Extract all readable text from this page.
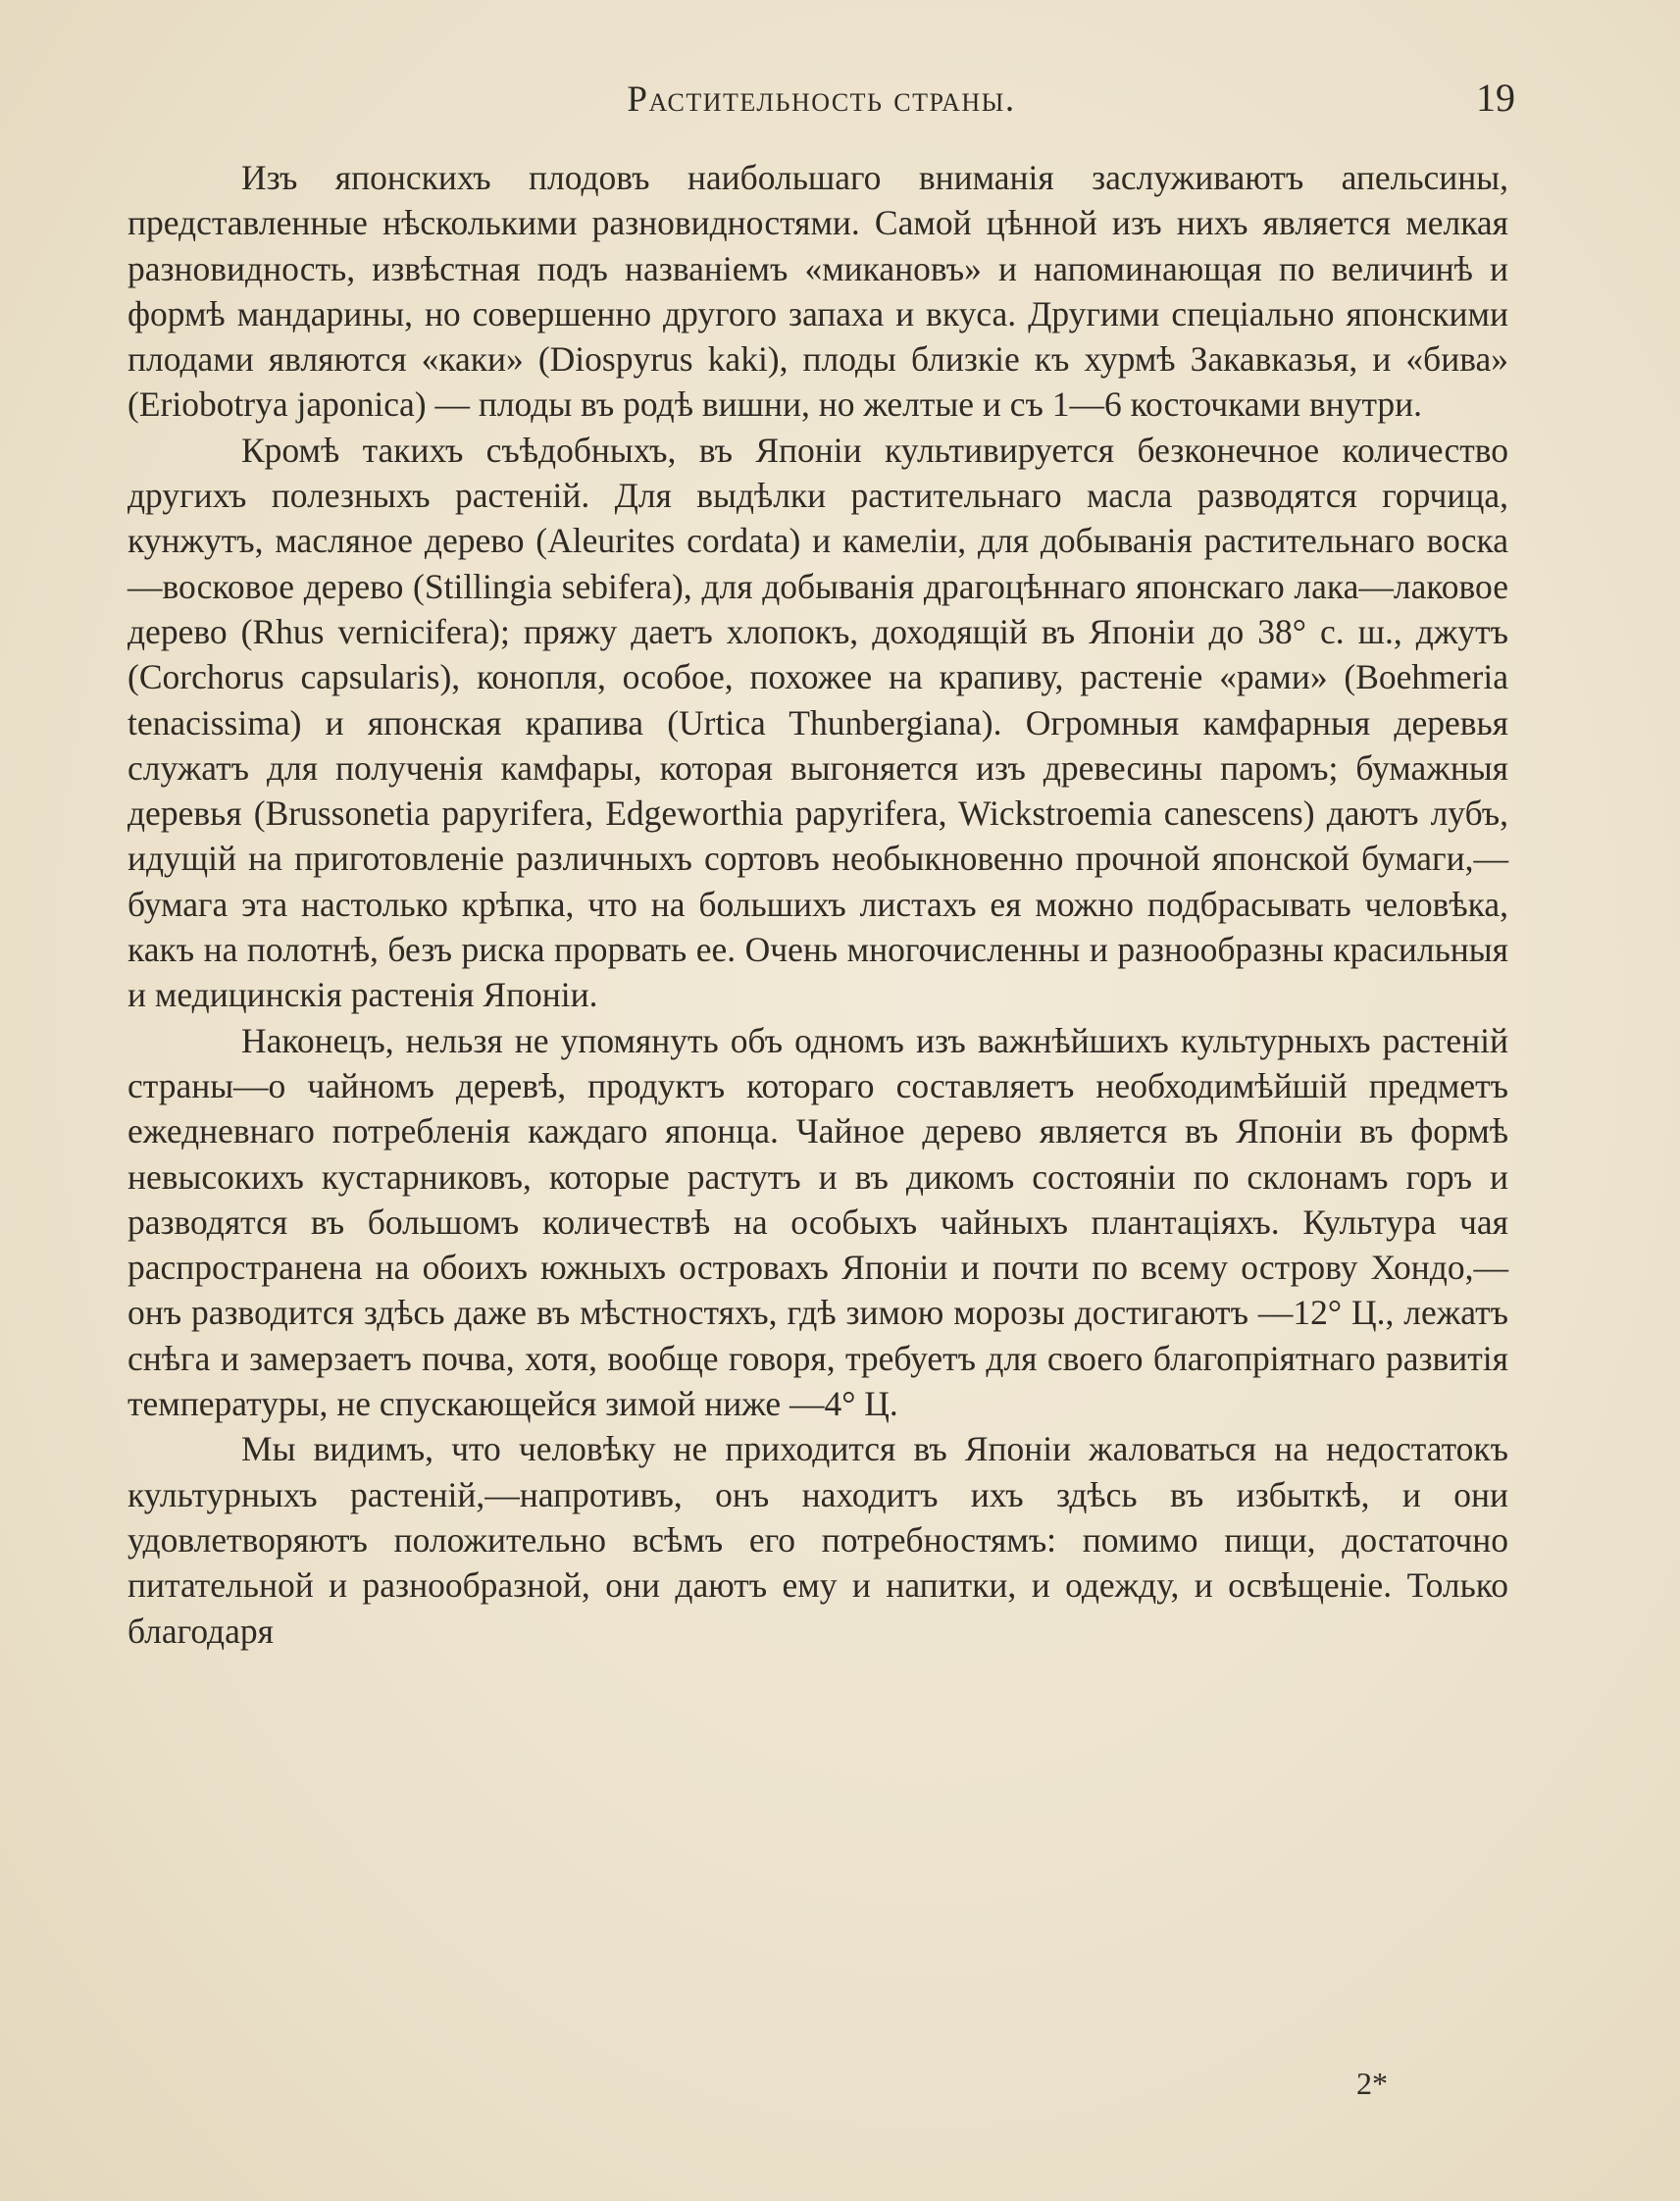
Растительность страны.	19

Изъ японскихъ плодовъ наибольшаго вниманія заслуживаютъ апельсины, представленные нѣсколькими разновидностями. Самой цѣнной изъ нихъ является мелкая разновидность, извѣстная подъ названіемъ «микановъ» и напоминающая по величинѣ и формѣ мандарины, но совершенно другого запаха и вкуса. Другими спеціально японскими плодами являются «каки» (Diospyrus kaki), плоды близкіе къ хурмѣ Закавказья, и «бива» (Eriobotrya japonica) — плоды въ родѣ вишни, но желтые и съ 1—6 косточками внутри.

Кромѣ такихъ съѣдобныхъ, въ Японіи культивируется безконечное количество другихъ полезныхъ растеній. Для выдѣлки растительнаго масла разводятся горчица, кунжутъ, масляное дерево (Aleurites cordata) и камеліи, для добыванія растительнаго воска—восковое дерево (Stillingia sebifera), для добыванія драгоцѣннаго японскаго лака—лаковое дерево (Rhus vernicifera); пряжу даетъ хлопокъ, доходящій въ Японіи до 38° с. ш., джутъ (Corchorus capsularis), конопля, особое, похожее на крапиву, растеніе «рами» (Boehmeria tenacissima) и японская крапива (Urtica Thunbergiana). Огромныя камфарныя деревья служатъ для полученія камфары, которая выгоняется изъ древесины паромъ; бумажныя деревья (Brussonetia papyrifera, Edgeworthia papyrifera, Wickstroemia canescens) даютъ лубъ, идущій на приготовленіе различныхъ сортовъ необыкновенно прочной японской бумаги,—бумага эта настолько крѣпка, что на большихъ листахъ ея можно подбрасывать человѣка, какъ на полотнѣ, безъ риска прорвать ее. Очень многочисленны и разнообразны красильныя и медицинскія растенія Японіи.

Наконецъ, нельзя не упомянуть объ одномъ изъ важнѣйшихъ культурныхъ растеній страны—о чайномъ деревѣ, продуктъ котораго составляетъ необходимѣйшій предметъ ежедневнаго потребленія каждаго японца. Чайное дерево является въ Японіи въ формѣ невысокихъ кустарниковъ, которые растутъ и въ дикомъ состояніи по склонамъ горъ и разводятся въ большомъ количествѣ на особыхъ чайныхъ плантаціяхъ. Культура чая распространена на обоихъ южныхъ островахъ Японіи и почти по всему острову Хондо,—онъ разводится здѣсь даже въ мѣстностяхъ, гдѣ зимою морозы достигаютъ —12° Ц., лежатъ снѣга и замерзаетъ почва, хотя, вообще говоря, требуетъ для своего благопріятнаго развитія температуры, не спускающейся зимой ниже —4° Ц.

Мы видимъ, что человѣку не приходится въ Японіи жаловаться на недостатокъ культурныхъ растеній,—напротивъ, онъ находитъ ихъ здѣсь въ избыткѣ, и они удовлетворяютъ положительно всѣмъ его потребностямъ: помимо пищи, достаточно питательной и разнообразной, они даютъ ему и напитки, и одежду, и освѣщеніе. Только благодаря

2*
